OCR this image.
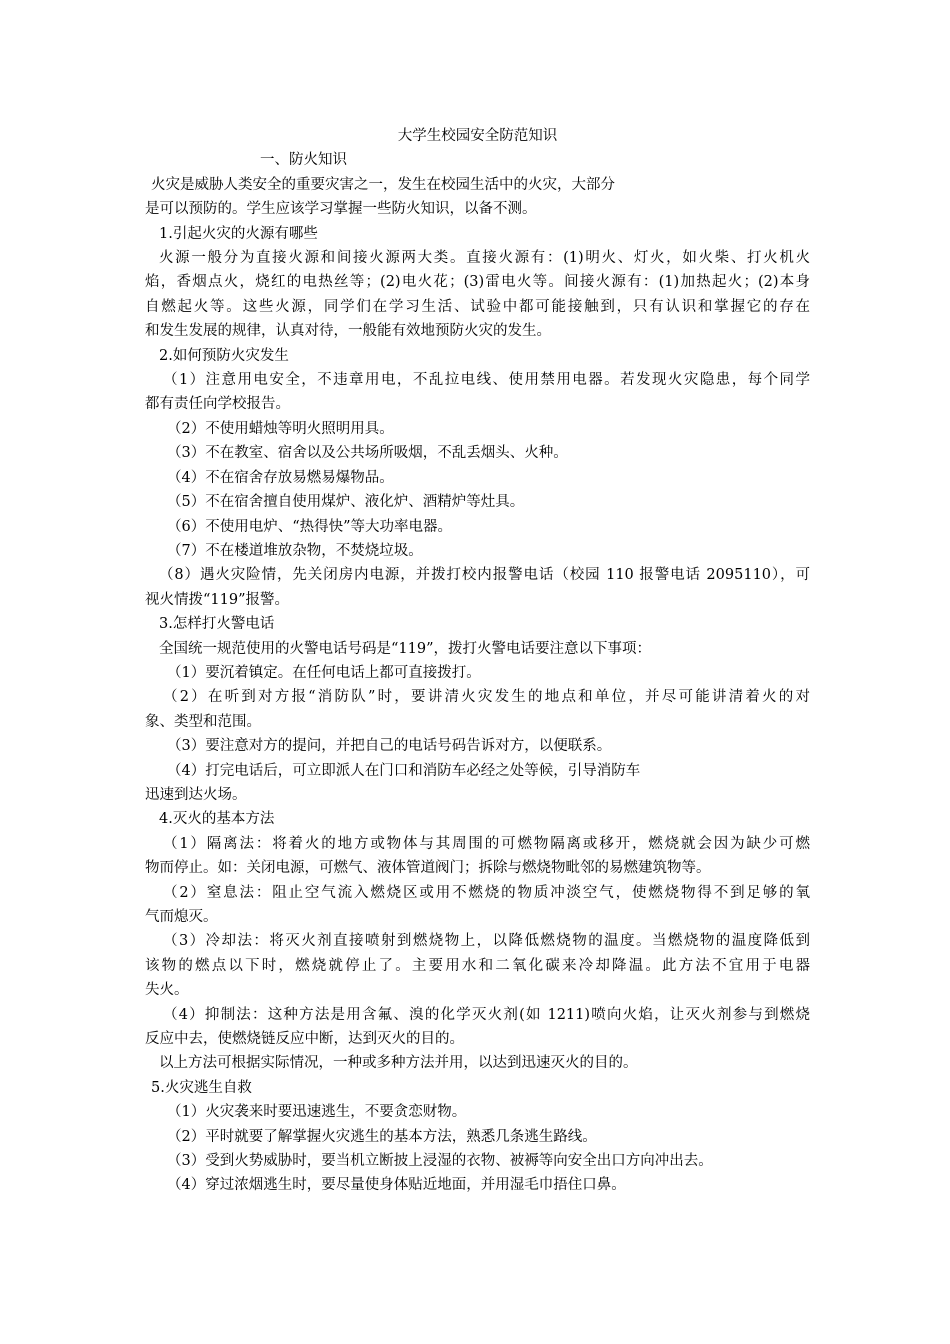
大学生校园安全防范知识
一、防火知识
火灾是威胁人类安全的重要灾害之一，发生在校园生活中的火灾，大部分
是可以预防的。学生应该学习掌握一些防火知识，以备不测。
1.引起火灾的火源有哪些
火源一般分为直接火源和间接火源两大类。直接火源有：(1)明火、灯火，如火柴、打火机火
焰，香烟点火，烧红的电热丝等；(2)电火花；(3)雷电火等。间接火源有：(1)加热起火；(2)本身
自燃起火等。这些火源，同学们在学习生活、试验中都可能接触到，只有认识和掌握它的存在
和发生发展的规律，认真对待，一般能有效地预防火灾的发生。
2.如何预防火灾发生
（1）注意用电安全，不违章用电，不乱拉电线、使用禁用电器。若发现火灾隐患，每个同学
都有责任向学校报告。
（2）不使用蜡烛等明火照明用具。
（3）不在教室、宿舍以及公共场所吸烟，不乱丢烟头、火种。
（4）不在宿舍存放易燃易爆物品。
（5）不在宿舍擅自使用煤炉、液化炉、酒精炉等灶具。
（6）不使用电炉、“热得快”等大功率电器。
（7）不在楼道堆放杂物，不焚烧垃圾。
（8）遇火灾险情，先关闭房内电源，并拨打校内报警电话（校园 110 报警电话 2095110），可
视火情拨“119”报警。
3.怎样打火警电话
全国统一规范使用的火警电话号码是“119”，拨打火警电话要注意以下事项：
（1）要沉着镇定。在任何电话上都可直接拨打。
（2）在听到对方报“消防队”时，要讲清火灾发生的地点和单位，并尽可能讲清着火的对
象、类型和范围。
（3）要注意对方的提问，并把自己的电话号码告诉对方，以便联系。
（4）打完电话后，可立即派人在门口和消防车必经之处等候，引导消防车
迅速到达火场。
4.灭火的基本方法
（1）隔离法：将着火的地方或物体与其周围的可燃物隔离或移开，燃烧就会因为缺少可燃
物而停止。如：关闭电源，可燃气、液体管道阀门；拆除与燃烧物毗邻的易燃建筑物等。
（2）窒息法：阻止空气流入燃烧区或用不燃烧的物质冲淡空气，使燃烧物得不到足够的氧
气而熄灭。
（3）冷却法：将灭火剂直接喷射到燃烧物上，以降低燃烧物的温度。当燃烧物的温度降低到
该物的燃点以下时，燃烧就停止了。主要用水和二氧化碳来冷却降温。此方法不宜用于电器
失火。
（4）抑制法：这种方法是用含氟、溴的化学灭火剂(如 1211)喷向火焰，让灭火剂参与到燃烧
反应中去，使燃烧链反应中断，达到灭火的目的。
以上方法可根据实际情况，一种或多种方法并用，以达到迅速灭火的目的。
5.火灾逃生自救
（1）火灾袭来时要迅速逃生，不要贪恋财物。
（2）平时就要了解掌握火灾逃生的基本方法，熟悉几条逃生路线。
（3）受到火势威胁时，要当机立断披上浸湿的衣物、被褥等向安全出口方向冲出去。
（4）穿过浓烟逃生时，要尽量使身体贴近地面，并用湿毛巾捂住口鼻。
